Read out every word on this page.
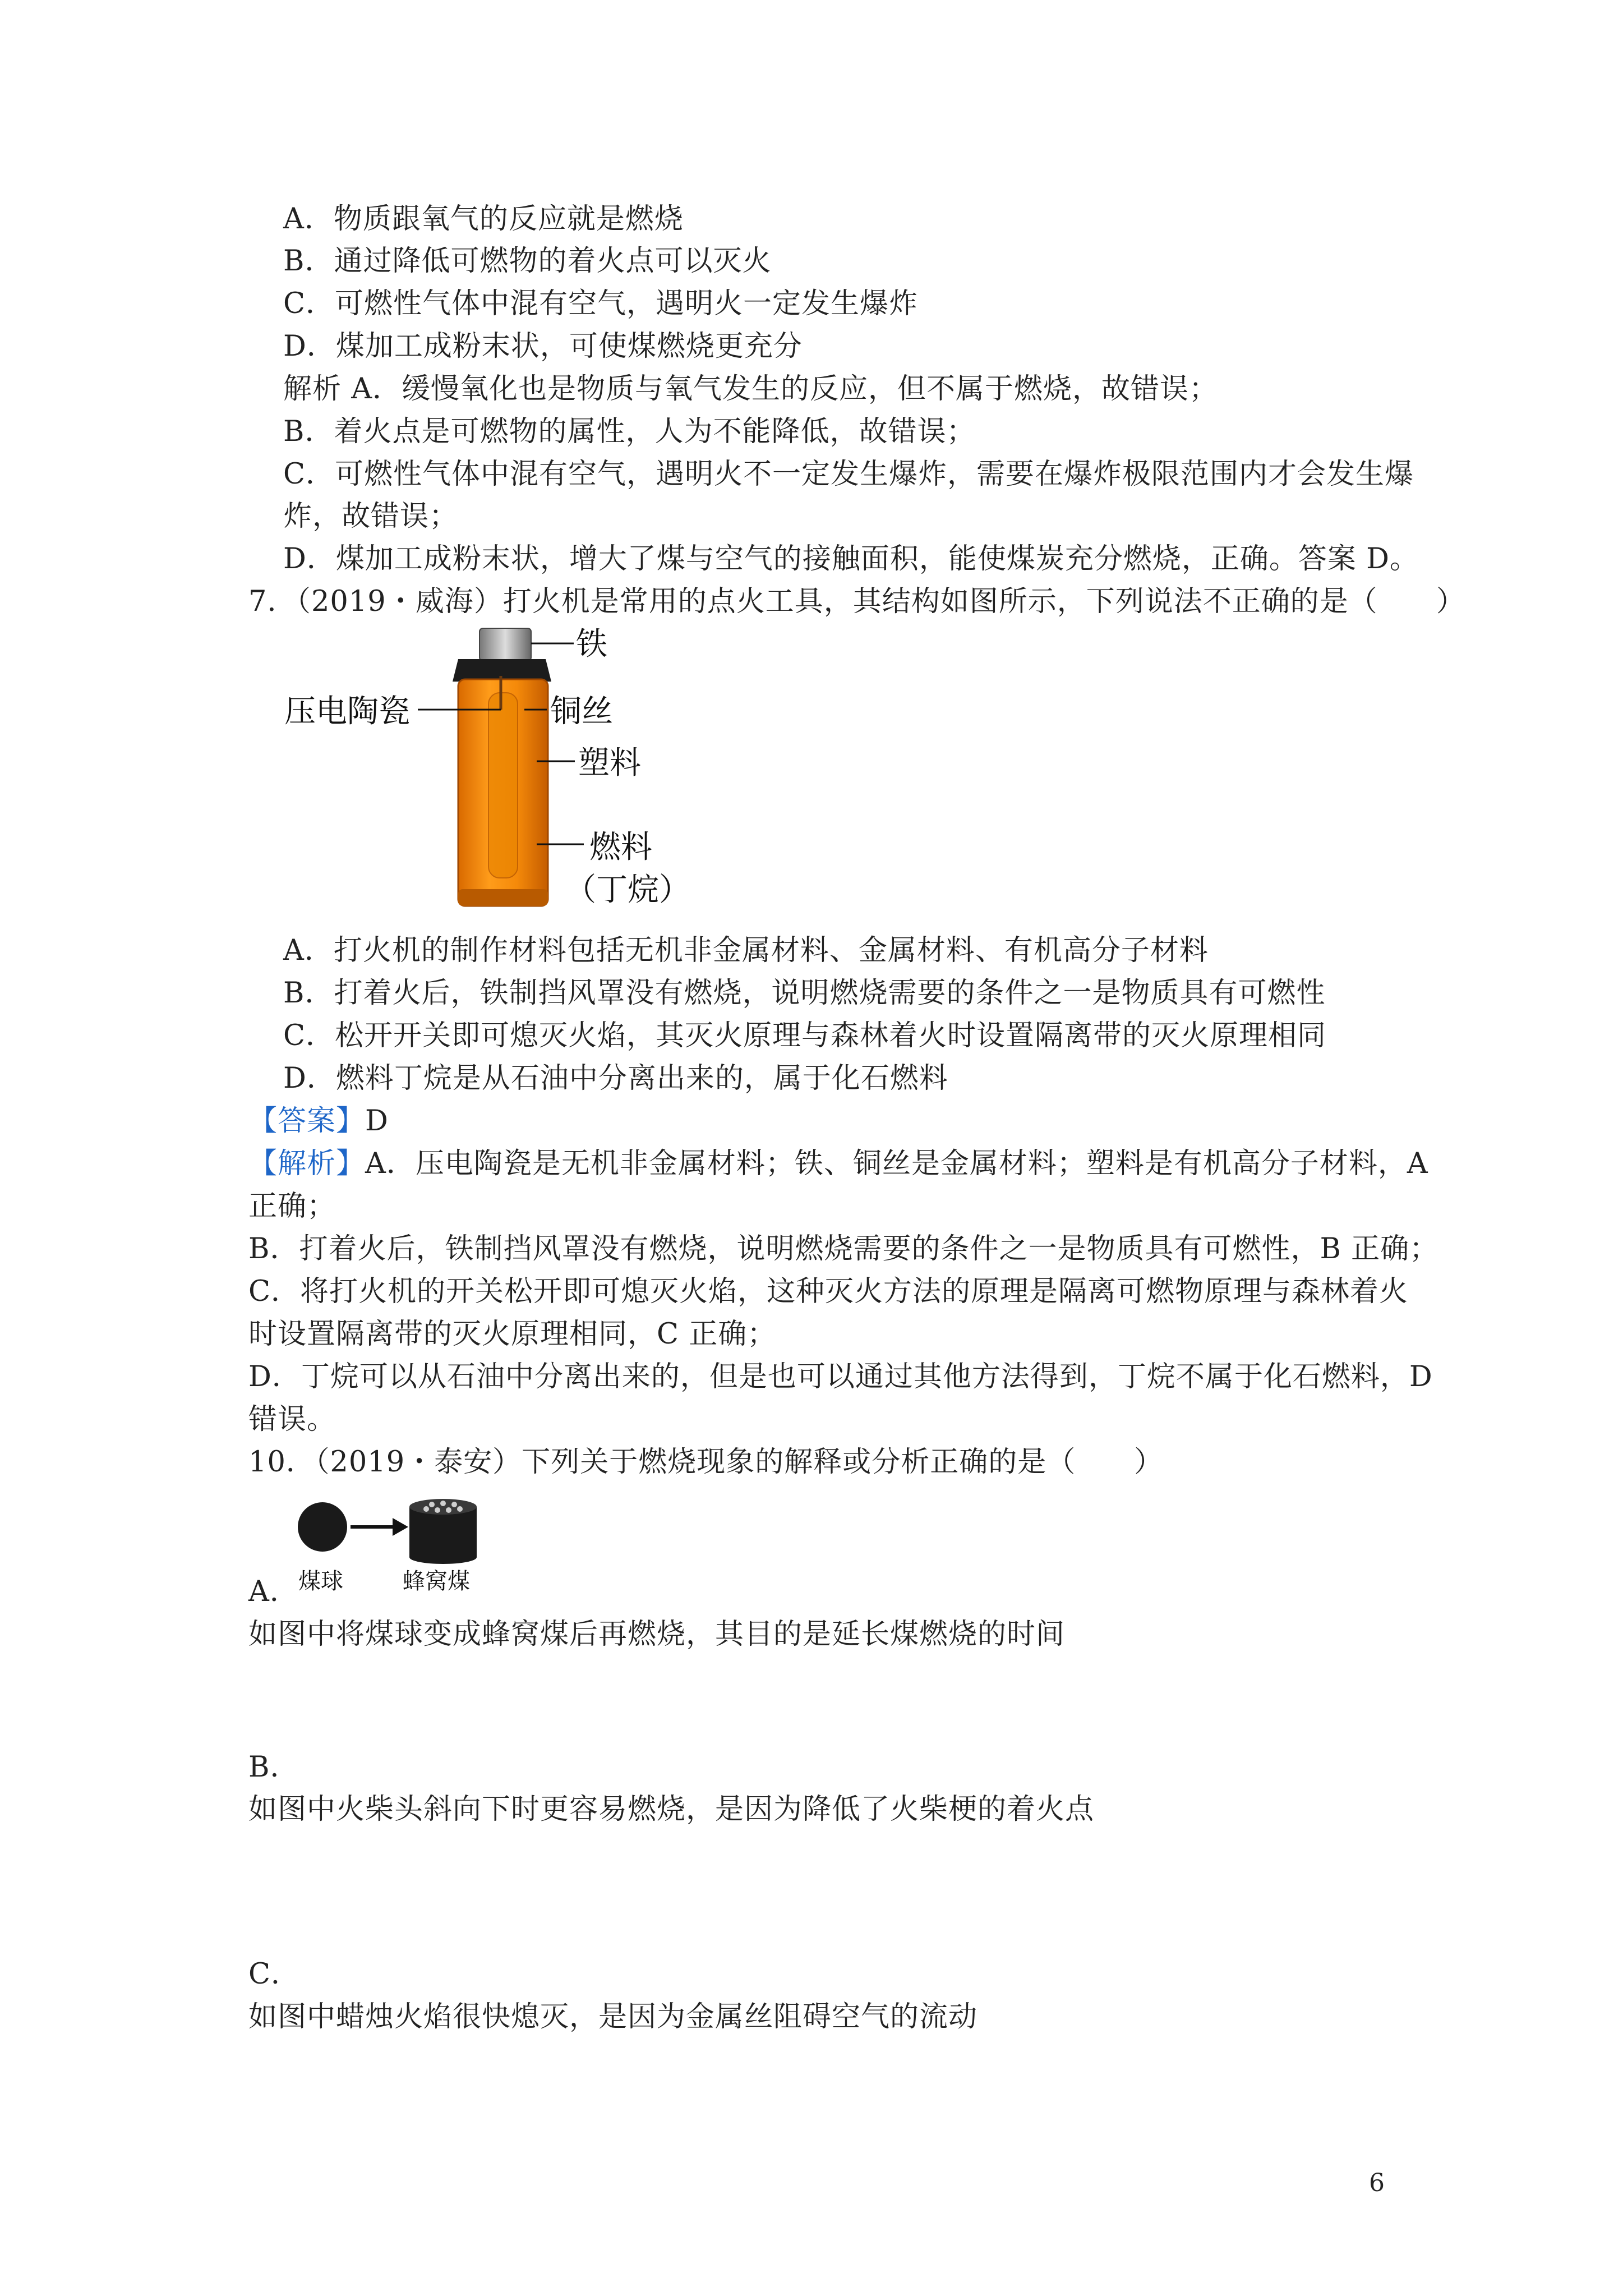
A．物质跟氧气的反应就是燃烧
B．通过降低可燃物的着火点可以灭火
C．可燃性气体中混有空气，遇明火一定发生爆炸
D．煤加工成粉末状，可使煤燃烧更充分
解析 A．缓慢氧化也是物质与氧气发生的反应，但不属于燃烧，故错误；
B．着火点是可燃物的属性，人为不能降低，故错误；
C．可燃性气体中混有空气，遇明火不一定发生爆炸，需要在爆炸极限范围内才会发生爆
炸，故错误；
D．煤加工成粉末状，增大了煤与空气的接触面积，能使煤炭充分燃烧，正确。答案 D。
7．（2019・威海）打火机是常用的点火工具，其结构如图所示，下列说法不正确的是（　　）
铁
压电陶瓷	铜丝
塑料
燃料
（丁烷）
A．打火机的制作材料包括无机非金属材料、金属材料、有机高分子材料
B．打着火后，铁制挡风罩没有燃烧，说明燃烧需要的条件之一是物质具有可燃性
C．松开开关即可熄灭火焰，其灭火原理与森林着火时设置隔离带的灭火原理相同
D．燃料丁烷是从石油中分离出来的，属于化石燃料
【答案】D
【解析】A．压电陶瓷是无机非金属材料；铁、铜丝是金属材料；塑料是有机高分子材料，A
正确；
B．打着火后，铁制挡风罩没有燃烧，说明燃烧需要的条件之一是物质具有可燃性，B 正确；
C．将打火机的开关松开即可熄灭火焰，这种灭火方法的原理是隔离可燃物原理与森林着火
时设置隔离带的灭火原理相同，C 正确；
D．丁烷可以从石油中分离出来的，但是也可以通过其他方法得到，丁烷不属于化石燃料，D
错误。
10．（2019・泰安）下列关于燃烧现象的解释或分析正确的是（　　）
煤球	蜂窝煤
A．
如图中将煤球变成蜂窝煤后再燃烧，其目的是延长煤燃烧的时间
B．
如图中火柴头斜向下时更容易燃烧，是因为降低了火柴梗的着火点
C．
如图中蜡烛火焰很快熄灭，是因为金属丝阻碍空气的流动
6
